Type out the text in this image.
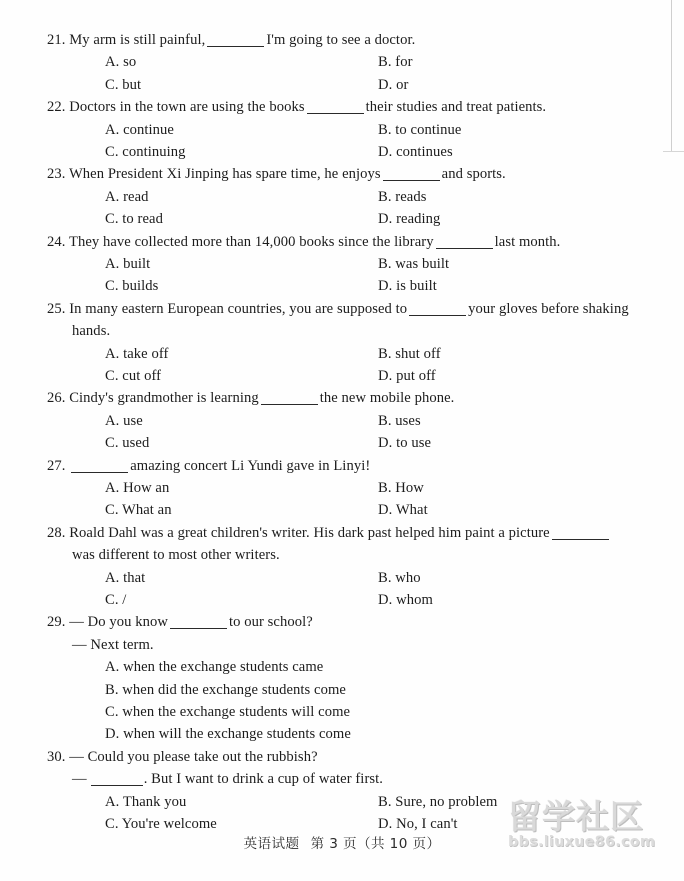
21. My arm is still painful,	I'm going to see a doctor.
A. so	B. for
C. but	D. or
22. Doctors in the town are using the books	their studies and treat patients.
A. continue	B. to continue
C. continuing	D. continues
23. When President Xi Jinping has spare time, he enjoys	and sports.
A. read	B. reads
C. to read	D. reading
24. They have collected more than 14,000 books since the library	last month.
A. built	B. was built
C. builds	D. is built
25. In many eastern European countries, you are supposed to	your gloves before shaking hands.
A. take off	B. shut off
C. cut off	D. put off
26. Cindy's grandmother is learning	the new mobile phone.
A. use	B. uses
C. used	D. to use
27.	amazing concert Li Yundi gave in Linyi!
A. How an	B. How
C. What an	D. What
28. Roald Dahl was a great children's writer. His dark past helped him paint a picture
was different to most other writers.
A. that	B. who
C. /	D. whom
29. — Do you know	to our school?
— Next term.
A. when the exchange students came
B. when did the exchange students come
C. when the exchange students will come
D. when will the exchange students come
30. — Could you please take out the rubbish?
—	. But I want to drink a cup of water first.
A. Thank you	B. Sure, no problem
C. You're welcome	D. No, I can't
英语试题 第 3 页（共 10 页）
留学社区
bbs.liuxue86.com
